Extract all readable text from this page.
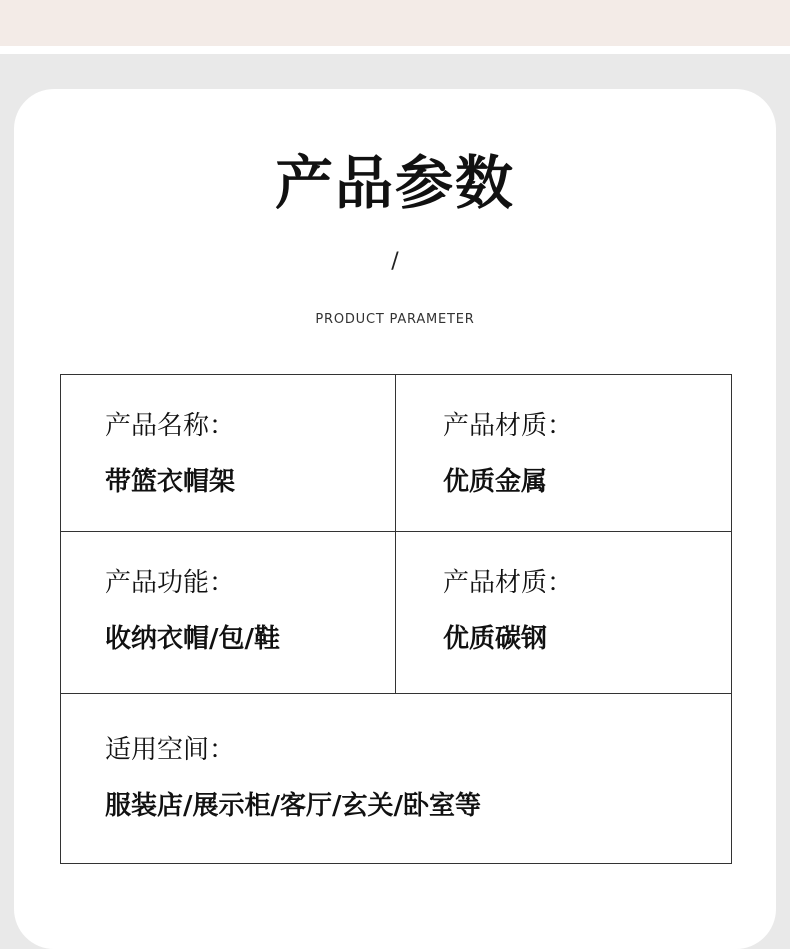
产品参数
/
PRODUCT PARAMETER
产品名称：
带篮衣帽架
产品材质：
优质金属
产品功能：
收纳衣帽/包/鞋
产品材质：
优质碳钢
适用空间：
服装店/展示柜/客厅/玄关/卧室等
